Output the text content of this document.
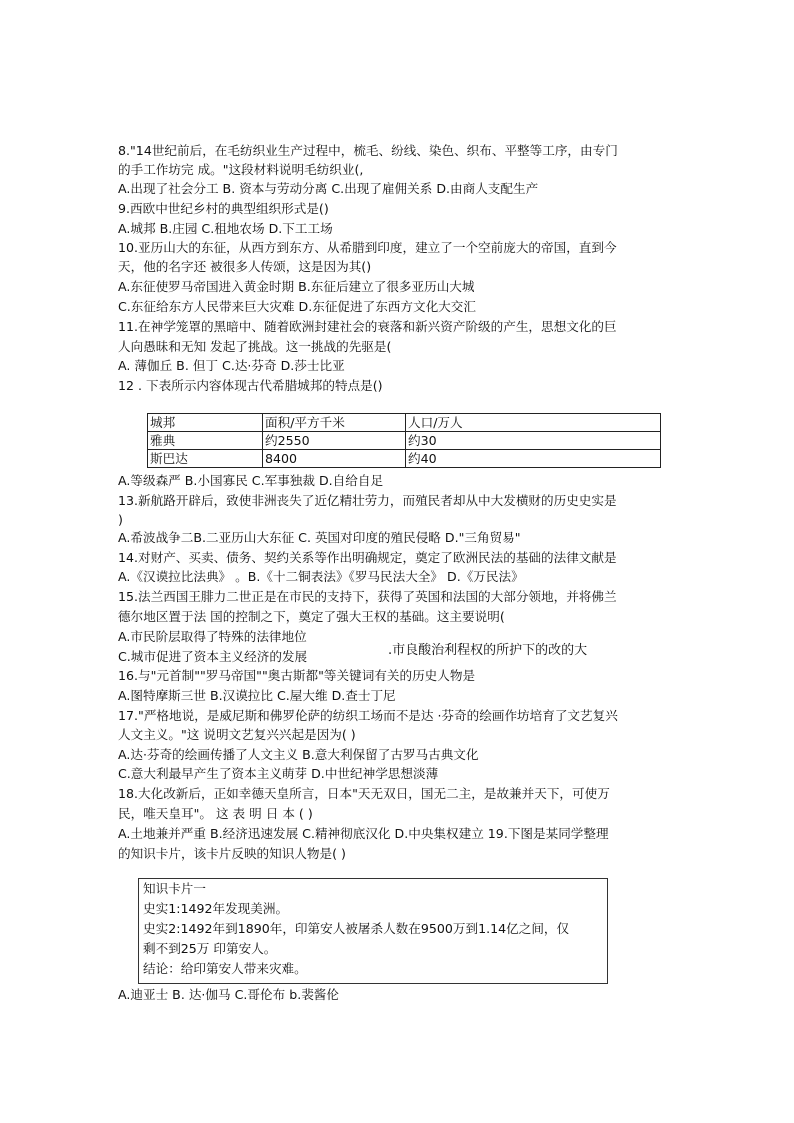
8."14世纪前后，在毛纺织业生产过程中，梳毛、纷线、染色、织布、平整等工序，由专门
的手工作坊完 成。"这段材料说明毛纺织业(,
A.出现了社会分工 B. 资本与劳动分离 C.出现了雇佣关系 D.由商人支配生产
9.西欧中世纪乡村的典型组织形式是()
A.城邦 B.庄园 C.租地农场 D.下工工场
10.亚历山大的东征，从西方到东方、从希腊到印度，建立了一个空前庞大的帝国，直到今
天，他的名字还 被很多人传颂，这是因为其()
A.东征使罗马帝国进入黄金时期 B.东征后建立了很多亚历山大城
C.东征给东方人民带来巨大灾难 D.东征促进了东西方文化大交汇
11.在神学笼罩的黑暗中、随着欧洲封建社会的衰落和新兴资产阶级的产生，思想文化的巨
人向愚昧和无知 发起了挑战。这一挑战的先驱是(
A. 薄伽丘 B. 但丁 C.达·芬奇 D.莎士比亚
12 . 下表所示内容体现古代希腊城邦的特点是()
城邦	面积/平方千米	人口/万人
雅典	约2550	约30
斯巴达	8400	约40
A.等级森严 B.小国寡民 C.军事独裁 D.自给自足
13.新航路开辟后，致使非洲丧失了近亿精壮劳力，而殖民者却从中大发横财的历史史实是
)
A.希波战争二B.二亚历山大东征 C. 英国对印度的殖民侵略 D."三角贸易"
14.对财产、买卖、债务、契约关系等作出明确规定，奠定了欧洲民法的基础的法律文献是
A.《汉谟拉比法典》 。B.《十二铜表法》《罗马民法大全》 D.《万民法》
15.法兰西国王腓力二世正是在市民的支持下，获得了英国和法国的大部分领地，并将佛兰
德尔地区置于法 国的控制之下，奠定了强大王权的基础。这主要说明(
A.市民阶层取得了特殊的法律地位
C.城市促进了资本主义经济的发展	.市良酸治利程权的所护下的改的大
16.与"元首制""罗马帝国""奥古斯都"等关键词有关的历史人物是
A.图特摩斯三世 B.汉谟拉比 C.屋大维 D.查士丁尼
17."严格地说，是威尼斯和佛罗伦萨的纺织工场而不是达 ·芬奇的绘画作坊培育了文艺复兴
人文主义。"这 说明文艺复兴兴起是因为( )
A.达·芬奇的绘画传播了人文主义 B.意大利保留了古罗马古典文化
C.意大利最早产生了资本主义萌芽 D.中世纪神学思想淡薄
18.大化改新后，正如幸德天皇所言，日本"天无双日，国无二主，是故兼并天下，可使万
民，唯天皇耳"。 这 表 明 日 本 ( )
A.土地兼并严重 B.经济迅速发展 C.精神彻底汉化 D.中央集权建立 19.下图是某同学整理
的知识卡片，该卡片反映的知识人物是( )
知识卡片一
史实1:1492年发现美洲。
史实2:1492年到1890年，印第安人被屠杀人数在9500万到1.14亿之间，仅
剩不到25万 印第安人。
结论：给印第安人带来灾难。
A.迪亚士 B. 达·伽马 C.哥伦布 b.裴酱伦
